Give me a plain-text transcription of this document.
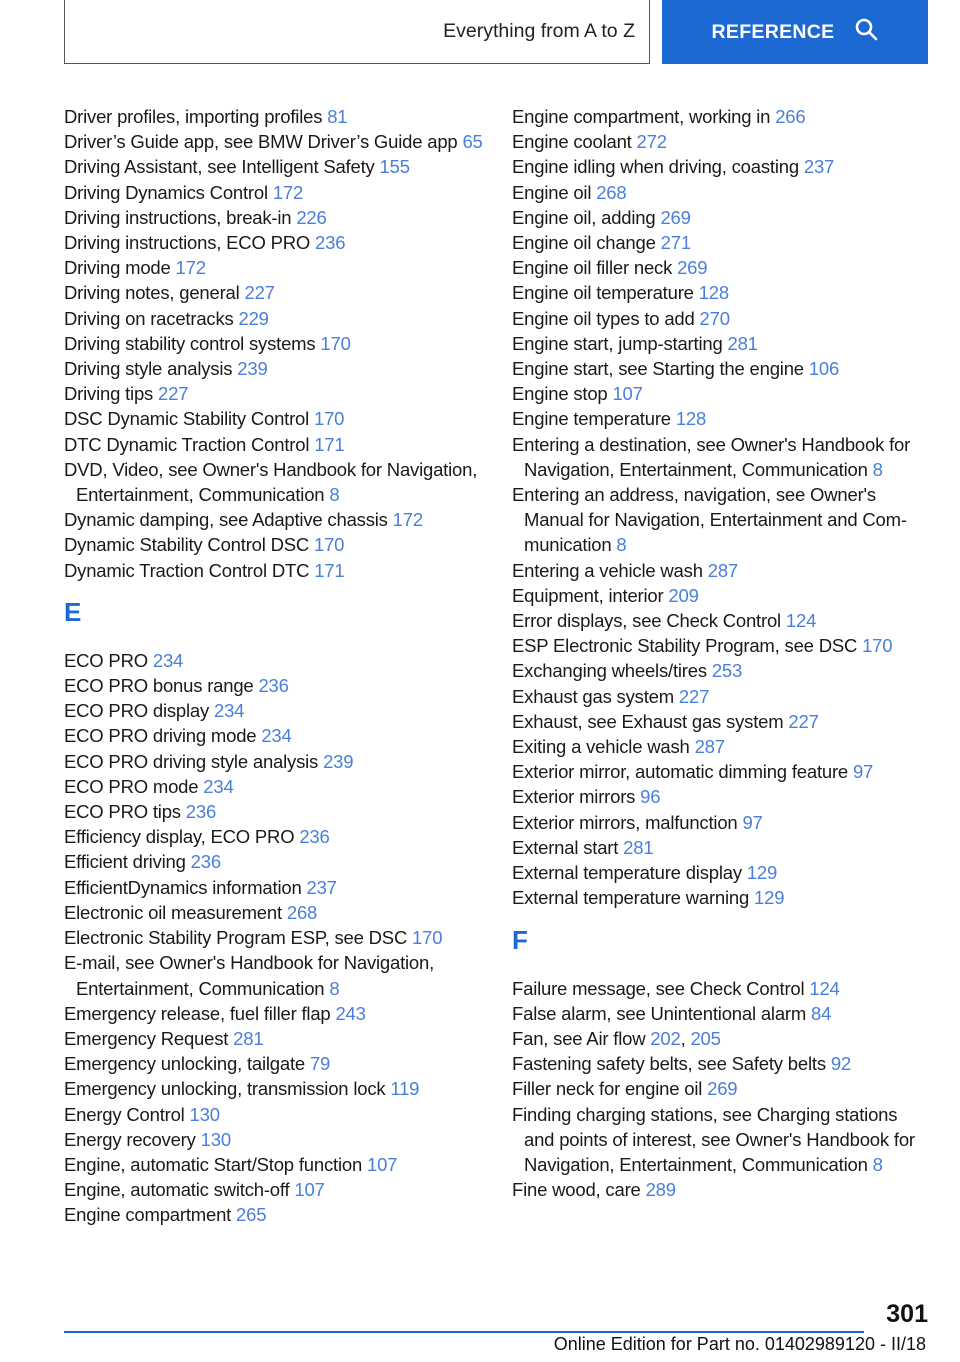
Everything from A to Z	REFERENCE
Driver profiles, importing profiles 81
Driver’s Guide app, see BMW Driver’s Guide app 65
Driving Assistant, see Intelligent Safety 155
Driving Dynamics Control 172
Driving instructions, break-in 226
Driving instructions, ECO PRO 236
Driving mode 172
Driving notes, general 227
Driving on racetracks 229
Driving stability control systems 170
Driving style analysis 239
Driving tips 227
DSC Dynamic Stability Control 170
DTC Dynamic Traction Control 171
DVD, Video, see Owner's Handbook for Navigation, Entertainment, Communication 8
Dynamic damping, see Adaptive chassis 172
Dynamic Stability Control DSC 170
Dynamic Traction Control DTC 171
E
ECO PRO 234
ECO PRO bonus range 236
ECO PRO display 234
ECO PRO driving mode 234
ECO PRO driving style analysis 239
ECO PRO mode 234
ECO PRO tips 236
Efficiency display, ECO PRO 236
Efficient driving 236
EfficientDynamics information 237
Electronic oil measurement 268
Electronic Stability Program ESP, see DSC 170
E-mail, see Owner's Handbook for Navigation, Entertainment, Communication 8
Emergency release, fuel filler flap 243
Emergency Request 281
Emergency unlocking, tailgate 79
Emergency unlocking, transmission lock 119
Energy Control 130
Energy recovery 130
Engine, automatic Start/Stop function 107
Engine, automatic switch-off 107
Engine compartment 265
Engine compartment, working in 266
Engine coolant 272
Engine idling when driving, coasting 237
Engine oil 268
Engine oil, adding 269
Engine oil change 271
Engine oil filler neck 269
Engine oil temperature 128
Engine oil types to add 270
Engine start, jump-starting 281
Engine start, see Starting the engine 106
Engine stop 107
Engine temperature 128
Entering a destination, see Owner's Handbook for Navigation, Entertainment, Communication 8
Entering an address, navigation, see Owner's Manual for Navigation, Entertainment and Communication 8
Entering a vehicle wash 287
Equipment, interior 209
Error displays, see Check Control 124
ESP Electronic Stability Program, see DSC 170
Exchanging wheels/tires 253
Exhaust gas system 227
Exhaust, see Exhaust gas system 227
Exiting a vehicle wash 287
Exterior mirror, automatic dimming feature 97
Exterior mirrors 96
Exterior mirrors, malfunction 97
External start 281
External temperature display 129
External temperature warning 129
F
Failure message, see Check Control 124
False alarm, see Unintentional alarm 84
Fan, see Air flow 202, 205
Fastening safety belts, see Safety belts 92
Filler neck for engine oil 269
Finding charging stations, see Charging stations and points of interest, see Owner's Handbook for Navigation, Entertainment, Communication 8
Fine wood, care 289
301
Online Edition for Part no. 01402989120 - II/18
